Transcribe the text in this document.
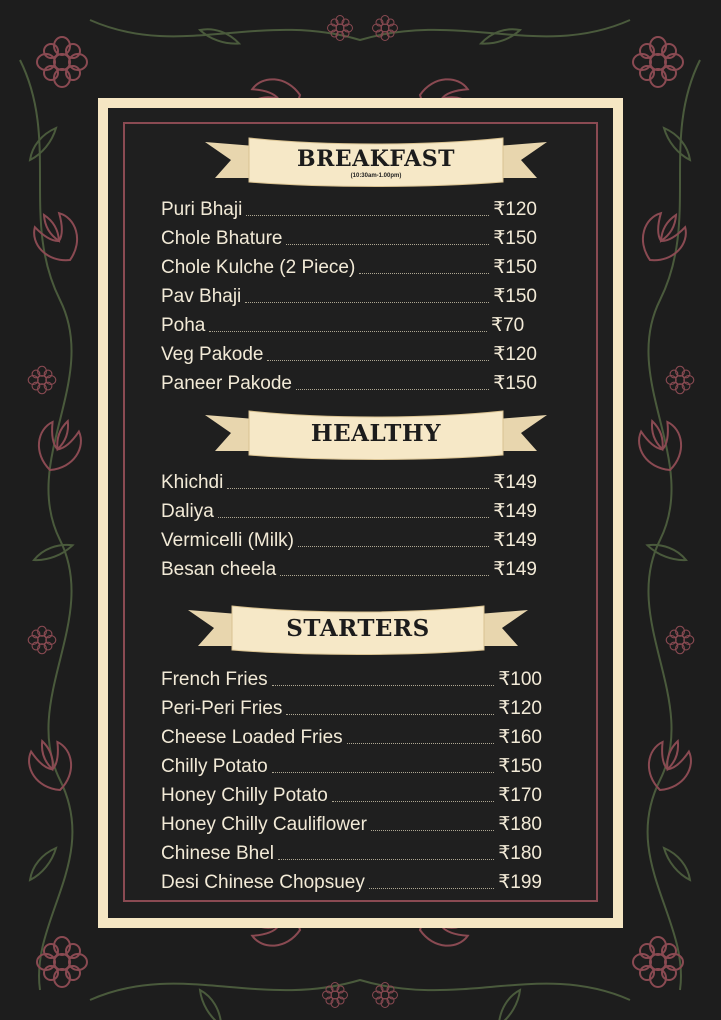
BREAKFAST
(10:30am-1.00pm)
HEALTHY
STARTERS
Puri Bhaji	₹120
Chole Bhature	₹150
Chole Kulche (2 Piece)	₹150
Pav Bhaji	₹150
Poha	₹70
Veg Pakode	₹120
Paneer Pakode	₹150
Khichdi	₹149
Daliya	₹149
Vermicelli (Milk)	₹149
Besan cheela	₹149
French Fries	₹100
Peri-Peri Fries	₹120
Cheese Loaded Fries	₹160
Chilly Potato	₹150
Honey Chilly Potato	₹170
Honey Chilly Cauliflower	₹180
Chinese Bhel	₹180
Desi Chinese Chopsuey	₹199
